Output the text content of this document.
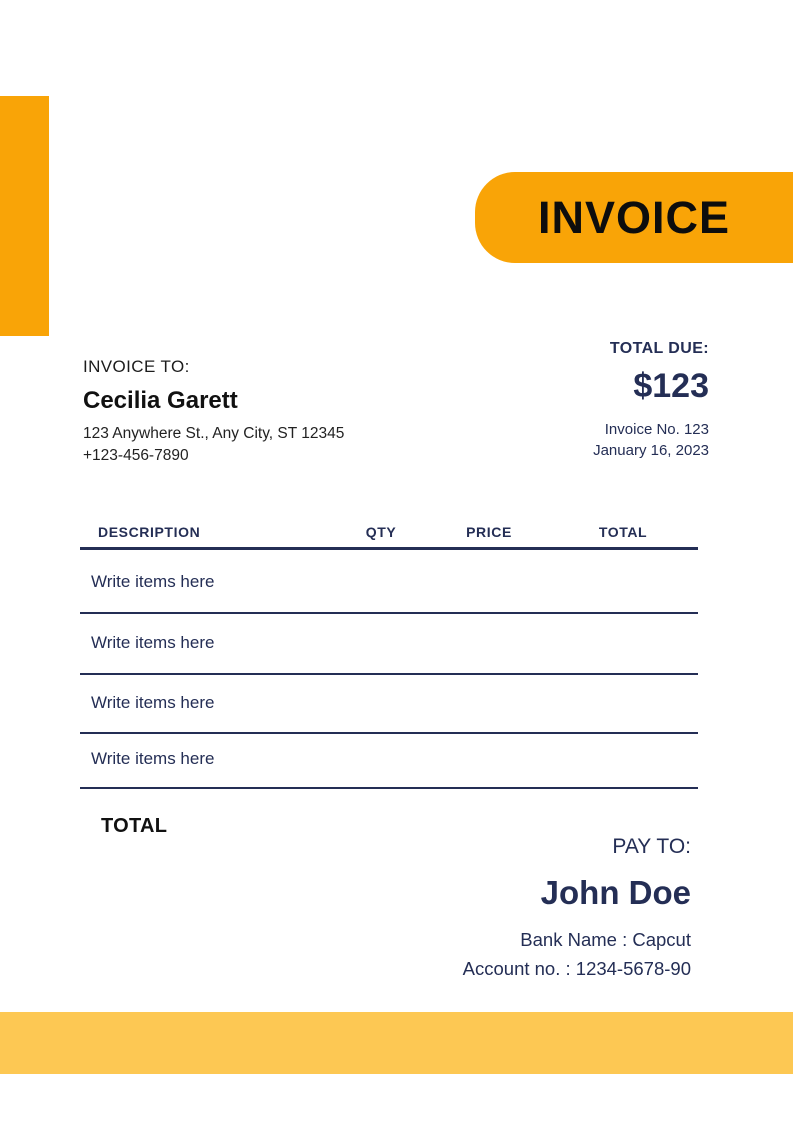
INVOICE
INVOICE TO:
Cecilia Garett
123 Anywhere St., Any City, ST 12345
+123-456-7890
TOTAL DUE:
$123
Invoice No. 123
January 16, 2023
DESCRIPTION	QTY	PRICE	TOTAL
Write items here
Write items here
Write items here
Write items here
TOTAL
PAY TO:
John Doe
Bank Name : Capcut
Account no. : 1234-5678-90
